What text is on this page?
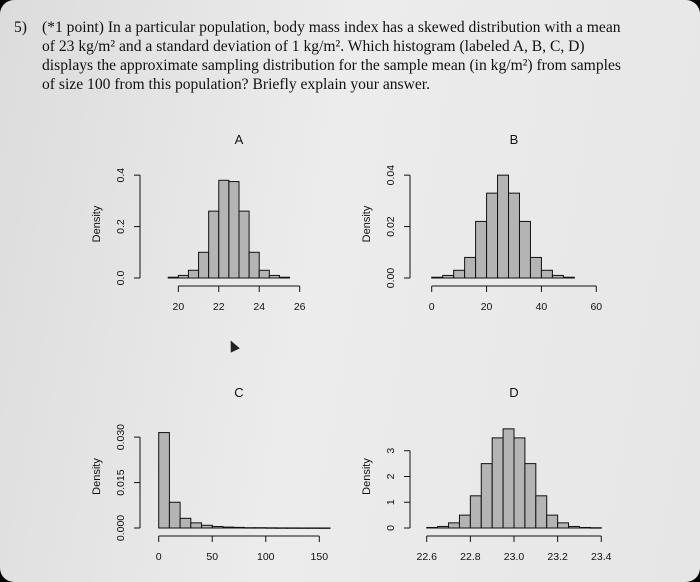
5) (*1 point) In a particular population, body mass index has a skewed distribution with a mean
of 23 kg/m² and a standard deviation of 1 kg/m². Which histogram (labeled A, B, C, D)
displays the approximate sampling distribution for the sample mean (in kg/m²) from samples
of size 100 from this population? Briefly explain your answer.
A
20	22	24	26
0.0
0.2
0.4
Density
B
0	20	40	60
0.00
0.02
0.04
Density
C
0	50	100	150
0.000
0.015
0.030
Density
D
22.6 22.8 23.0 23.2 23.4
0
1
2
3
Density
